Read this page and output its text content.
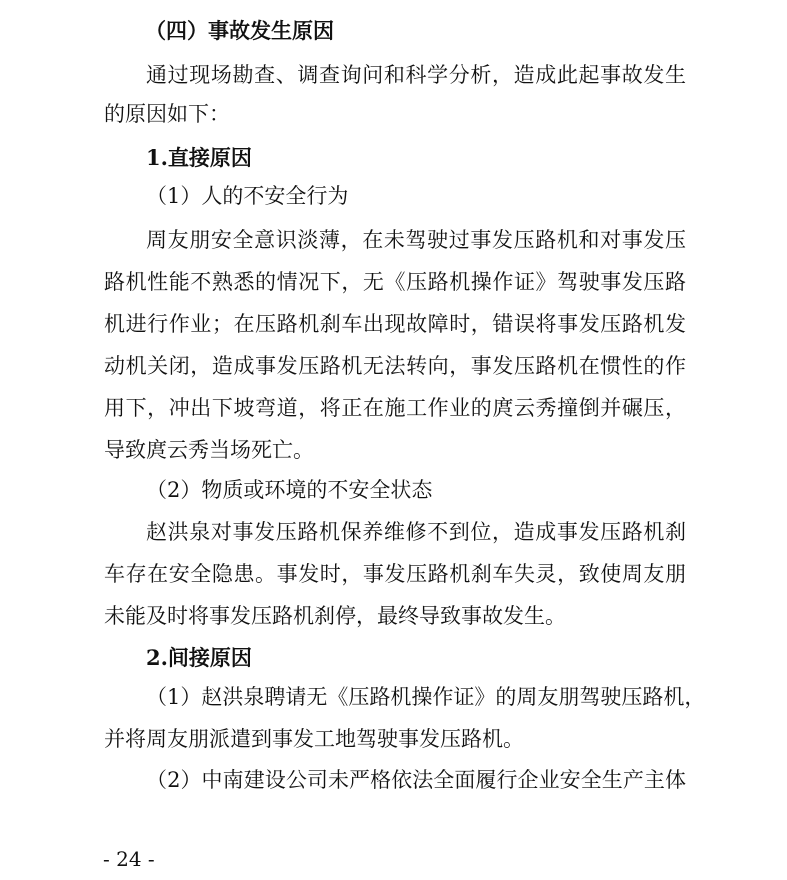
（四）事故发生原因
通过现场勘查、调查询问和科学分析，造成此起事故发生
的原因如下：
1.直接原因
（1）人的不安全行为
周友朋安全意识淡薄，在未驾驶过事发压路机和对事发压
路机性能不熟悉的情况下，无《压路机操作证》驾驶事发压路
机进行作业；在压路机刹车出现故障时，错误将事发压路机发
动机关闭，造成事发压路机无法转向，事发压路机在惯性的作
用下，冲出下坡弯道，将正在施工作业的庹云秀撞倒并碾压，
导致庹云秀当场死亡。
（2）物质或环境的不安全状态
赵洪泉对事发压路机保养维修不到位，造成事发压路机刹
车存在安全隐患。事发时，事发压路机刹车失灵，致使周友朋
未能及时将事发压路机刹停，最终导致事故发生。
2.间接原因
（1）赵洪泉聘请无《压路机操作证》的周友朋驾驶压路机，
并将周友朋派遣到事发工地驾驶事发压路机。
（2）中南建设公司未严格依法全面履行企业安全生产主体
- 24 -
